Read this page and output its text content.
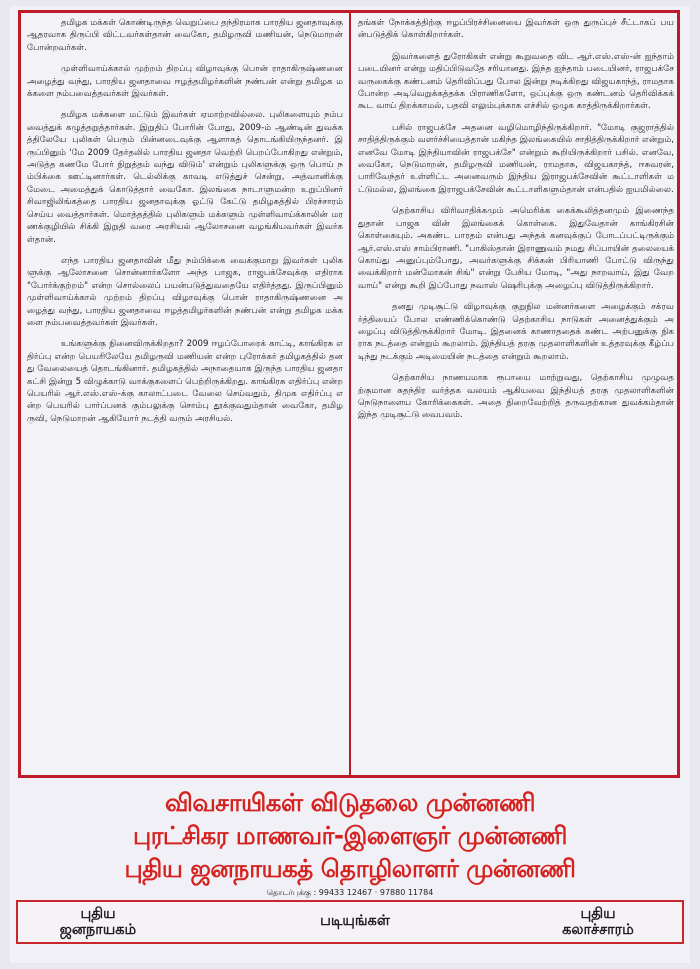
தமிழக மக்கள் கொண்டிருந்த வெறுப்பை தந்திரமாக பாரதிய ஜனதாவுக்கு ஆதரவாக திருப்பி விட்டவர்கள்தான் வைகோ, தமிழருவி மணியன், நெடுமாறன் போன்றவர்கள்.

முள்ளிவாய்க்கால் முற்றம் திறப்பு விழாவுக்கு பொன் ராதாகிருஷ்ணனை அழைத்து வந்து, பாரதிய ஜனதாவை ஈழத்தமிழர்களின் நண்பன் என்று தமிழக மக்களை நம்பவைத்தவர்கள் இவர்கள்.

தமிழக மக்களை மட்டும் இவர்கள் ஏமாற்றவில்லை. புலிகளையும் நம்பவைத்துக் கழுத்தறுத்தார்கள். இறுதிப் போரின் போது, 2009-ம் ஆண்டின் துவக்கத்திலேயே புலிகள் பெரும் பின்னடைவுக்கு ஆளாகத் தொடங்கியிருந்தனர். இருப்பினும் 'மே 2009 தேர்தலில் பாரதிய ஜனதா வெற்றி பெறப்போகிறது என்றும், அடுத்த கணமே போர் நிறுத்தம் வந்து விடும்' என்றும் புலிகளுக்கு ஒரு பொய் நம்பிக்கை ஊட்டினார்கள். டெல்லிக்கு காவடி எடுத்துச் சென்று, அத்வானிக்கு மேடை அமைத்துக் கொடுத்தார் வைகோ. இலங்கை நாடாளுமன்ற உறுப்பினர் சிவாஜிலிங்கத்தை பாரதிய ஜனதாவுக்கு ஓட்டு கேட்டு தமிழகத்தில் பிரச்சாரம் செய்ய வைத்தார்கள். மொத்தத்தில் புலிகளும் மக்களும் முள்ளிவாய்க்காலின் மரணக்குழியில் சிக்கி இறுதி வரை அரசியல் ஆலோசனை வழங்கியவர்கள் இவர்கள்தான்.

எந்த பாரதிய ஜனதாவின் மீது நம்பிக்கை வைக்குமாறு இவர்கள் புலிகளுக்கு ஆலோசனை சொன்னார்களோ அந்த பாஜக, ராஜபக்சேவுக்கு எதிராக "போர்க்குற்றம்" என்ற சொல்லைப் பயன்படுத்துவதையே எதிர்த்தது. இருப்பினும் முள்ளிவாய்க்கால் முற்றம் திறப்பு விழாவுக்கு பொன் ராதாகிருஷ்ணனை அழைத்து வந்து, பாரதிய ஜனதாவை ஈழத்தமிழர்களின் நண்பன் என்று தமிழக மக்களை நம்பவைத்தவர்கள் இவர்கள்.

உங்களுக்கு நினைவிருக்கிறதா? 2009 ஈழப்போரைக் காட்டி, காங்கிரசு எதிர்ப்பு என்ற பெயரிலேயே தமிழருவி மணியன் என்ற புரோக்கர் தமிழகத்தில் தனது வேலையைத் தொடங்கினார். தமிழகத்தில் அநாதையாக இருந்த பாரதிய ஜனதா கட்சி இன்று 5 விழுக்காடு வாக்குகளைப் பெற்றிருக்கிறது. காங்கிரசு எதிர்ப்பு என்ற பெயரில் ஆர்.எஸ்.எஸ்-க்கு காலாட்படை வேலை செய்வதும், திமுக எதிர்ப்பு என்ற பெயரில் பார்ப்பனக் கும்பலுக்கு சொம்பு தூக்குவதும்தான் வைகோ, தமிழருவி, நெடுமாறன் ஆகியோர் நடத்தி வரும் அரசியல்.

தங்கள் நோக்கத்திற்கு ஈழப்பிரச்சினையை இவர்கள் ஒரு துருப்புச் சீட்டாகப் பயன்படுத்திக் கொள்கிறார்கள்.

இவர்களைத் துரோகிகள் என்று கூறுவதை விட ஆர்.எஸ்.எஸ்-ன் ஐந்தாம் படையினர் என்று மதிப்பிடுவதே சரியானது. இந்த ஐந்தாம் படையினர், ராஜபக்சே வருகைக்கு கண்டனம் தெரிவிப்பது போல இன்று நடிக்கிறது விஜயகாந்த், ராமதாசு போன்ற அடிவெறுக்கத்தக்க பிராணிகளோ, ஒப்புக்கு ஒரு கண்டனம் தெரிவிக்கக் கூட வாய் திறக்காமல், பதவி எலும்புக்காக எச்சில் ஒழுக காத்திருக்கிறார்கள்.

பசில் ராஜபக்சே அதனை வழிமொழிந்திருக்கிறார். "மோடி குஜராத்தில் சாதித்திருக்கும் வளர்ச்சியைத்தான் மகிந்த இலங்கையில் சாதித்திருக்கிறார் என்றும், எனவே மோடி இந்தியாவின் ராஜபக்சே" என்றும் கூறியிருக்கிறார் பசில். எனவே, வைகோ, நெடுமாறன், தமிழருவி மணியன், ராமதாசு, விஜயகாந்த், ஈசுவரன், பாரிவேந்தர் உள்ளிட்ட அனைவரும் இந்திய இராஜபக்சேவின் கூட்டாளிகள் மட்டுமல்ல, இலங்கை இராஜபக்சேவின் கூட்டாளிகளும்தான் என்பதில் ஐயமில்லை.

தெற்காசிய விரிவாதிக்கமும் அமெரிக்க கைக்கூலித்தனமும் இணைந்ததுதான் பாஜக வின் இலங்கைக் கொள்கை. இதுவேதான் காங்கிரசின் கொள்கையும். அகண்ட பாரதம் என்பது அந்தக் கனவுக்குப் போடப்பட்டிருக்கும் ஆர்.எஸ்.எஸ் சாம்பிராணி. "பாகிஸ்தான் இராணுவம் நமது சிப்பாயின் தலையைக் கொய்து அனுப்பும்போது, அவர்களுக்கு சிக்கன் பிரியாணி போட்டு விருந்து வைக்கிறார் மன்மோகன் சிங்" என்று பேசிய மோடி, "அது நாறவாய், இது வேற வாய்" என்று கூறி இப்போது நவாஸ் ஷெரிபுக்கு அழைப்பு விடுத்திருக்கிறார்.

தனது முடிசூட்டு விழாவுக்கு குறுநில மன்னர்களை அழைக்கும் சக்ரவர்த்தியைப் போல எண்ணிக்கொண்டு தெற்காசிய நாடுகள் அனைத்துக்கும் அழைப்பு விடுத்திருக்கிறார் மோடி. இதனைக் காணாததைக் கண்ட அற்பனுக்கு நிகராக நடத்தை என்றும் கூறலாம். இந்தியத் தரகு முதலாளிகளின் உத்தரவுக்கு கீழ்ப்படிந்து நடக்கும் அடிமையின் நடத்தை என்றும் கூறலாம்.

தெற்காசிய நாணயமாக ரூபாயை மாற்றுவது, தெற்காசிய முழுவதற்குமான சுதந்திர வர்த்தக வலயம் ஆகியவை இந்தியத் தரகு முதலாளிகளின் நெடுநாளைய கோரிக்கைகள். அதை நிறைவேற்றித் தருவதற்கான துவக்கம்தான் இந்த முடிசூட்டு வைபவம்.

விவசாயிகள் விடுதலை முன்னணி
புரட்சிகர மாணவர்-இளைஞர் முன்னணி
புதிய ஜனநாயகத் தொழிலாளர் முன்னணி
தொடர்புக்கு : 99433 12467 · 97880 11784
புதிய
ஜனநாயகம்
படியுங்கள்	புதிய
கலாச்சாரம்
